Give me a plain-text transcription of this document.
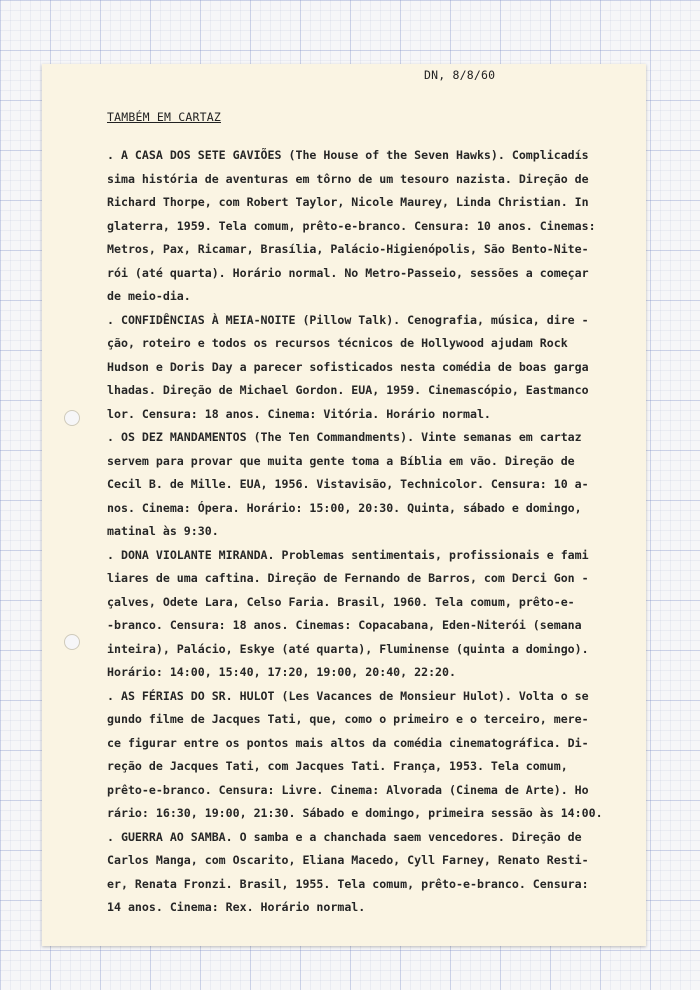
DN, 8/8/60
TAMBÉM EM CARTAZ
. A CASA DOS SETE GAVIÕES (The House of the Seven Hawks). Complicadís
sima história de aventuras em tôrno de um tesouro nazista. Direção de
Richard Thorpe, com Robert Taylor, Nicole Maurey, Linda Christian. In
glaterra, 1959. Tela comum, prêto-e-branco. Censura: 10 anos. Cinemas:
Metros, Pax, Ricamar, Brasília, Palácio-Higienópolis, São Bento-Nite-
rói (até quarta). Horário normal. No Metro-Passeio, sessões a começar
de meio-dia.
. CONFIDÊNCIAS À MEIA-NOITE (Pillow Talk). Cenografia, música, dire -
ção, roteiro e todos os recursos técnicos de Hollywood ajudam Rock
Hudson e Doris Day a parecer sofisticados nesta comédia de boas garga
lhadas. Direção de Michael Gordon. EUA, 1959. Cinemascópio, Eastmanco
lor. Censura: 18 anos. Cinema: Vitória. Horário normal.
. OS DEZ MANDAMENTOS (The Ten Commandments). Vinte semanas em cartaz
servem para provar que muita gente toma a Bíblia em vão. Direção de
Cecil B. de Mille. EUA, 1956. Vistavisão, Technicolor. Censura: 10 a-
nos. Cinema: Ópera. Horário: 15:00, 20:30. Quinta, sábado e domingo,
matinal às 9:30.
. DONA VIOLANTE MIRANDA. Problemas sentimentais, profissionais e fami
liares de uma caftina. Direção de Fernando de Barros, com Derci Gon -
çalves, Odete Lara, Celso Faria. Brasil, 1960. Tela comum, prêto-e-
-branco. Censura: 18 anos. Cinemas: Copacabana, Eden-Niterói (semana
inteira), Palácio, Eskye (até quarta), Fluminense (quinta a domingo).
Horário: 14:00, 15:40, 17:20, 19:00, 20:40, 22:20.
. AS FÉRIAS DO SR. HULOT (Les Vacances de Monsieur Hulot). Volta o se
gundo filme de Jacques Tati, que, como o primeiro e o terceiro, mere-
ce figurar entre os pontos mais altos da comédia cinematográfica. Di-
reção de Jacques Tati, com Jacques Tati. França, 1953. Tela comum,
prêto-e-branco. Censura: Livre. Cinema: Alvorada (Cinema de Arte). Ho
rário: 16:30, 19:00, 21:30. Sábado e domingo, primeira sessão às 14:00.
. GUERRA AO SAMBA. O samba e a chanchada saem vencedores. Direção de
Carlos Manga, com Oscarito, Eliana Macedo, Cyll Farney, Renato Resti-
er, Renata Fronzi. Brasil, 1955. Tela comum, prêto-e-branco. Censura:
14 anos. Cinema: Rex. Horário normal.
